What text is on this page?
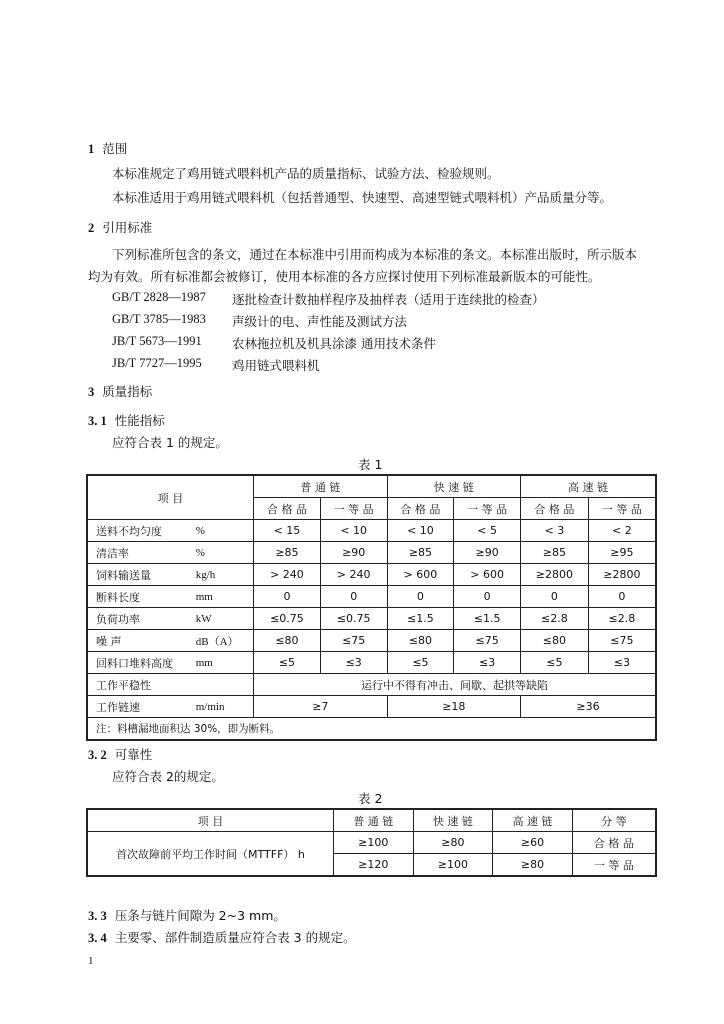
1 范围
本标准规定了鸡用链式喂料机产品的质量指标、试验方法、检验规则。
本标准适用于鸡用链式喂料机（包括普通型、快速型、高速型链式喂料机）产品质量分等。
2 引用标准
下列标准所包含的条文，通过在本标准中引用而构成为本标准的条文。本标准出版时，所示版本
均为有效。所有标准都会被修订，使用本标准的各方应探讨使用下列标准最新版本的可能性。
GB/T 2828—1987 逐批检查计数抽样程序及抽样表（适用于连续批的检查）
GB/T 3785—1983 声级计的电、声性能及测试方法
JB/T 5673—1991 农林拖拉机及机具涂漆 通用技术条件
JB/T 7727—1995 鸡用链式喂料机
3 质量指标
3. 1 性能指标
应符合表 1 的规定。
表 1
项 目		普 通 链		快 速 链		高 速 链	
		合 格 品	一 等 品	合 格 品	一 等 品	合 格 品	一 等 品
送料不均匀度	%	< 15	< 10	< 10	< 5	< 3	< 2
清洁率	%	≥85	≥90	≥85	≥90	≥85	≥95
饲料输送量	kg/h	> 240	> 240	> 600	> 600	≥2800	≥2800
断料长度	mm	0	0	0	0	0	0
负荷功率	kW	≤0.75	≤0.75	≤1.5	≤1.5	≤2.8	≤2.8
噪 声	dB（A）	≤80	≤75	≤80	≤75	≤80	≤75
回料口堆料高度	mm	≤5	≤3	≤5	≤3	≤5	≤3
工作平稳性		运行中不得有冲击、间歇、起拱等缺陷					
工作链速	m/min	≥7		≥18		≥36	
注：料槽漏地面积达 30%，即为断料。							
3. 2 可靠性
应符合表 2的规定。
表 2
项 目	普 通 链	快 速 链	高 速 链	分 等
首次故障前平均工作时间（MTTFF） h	≥100	≥80	≥60	合 格 品
	≥120	≥100	≥80	一 等 品
3. 3 压条与链片间隙为 2~3 mm。
3. 4 主要零、部件制造质量应符合表 3 的规定。
1
